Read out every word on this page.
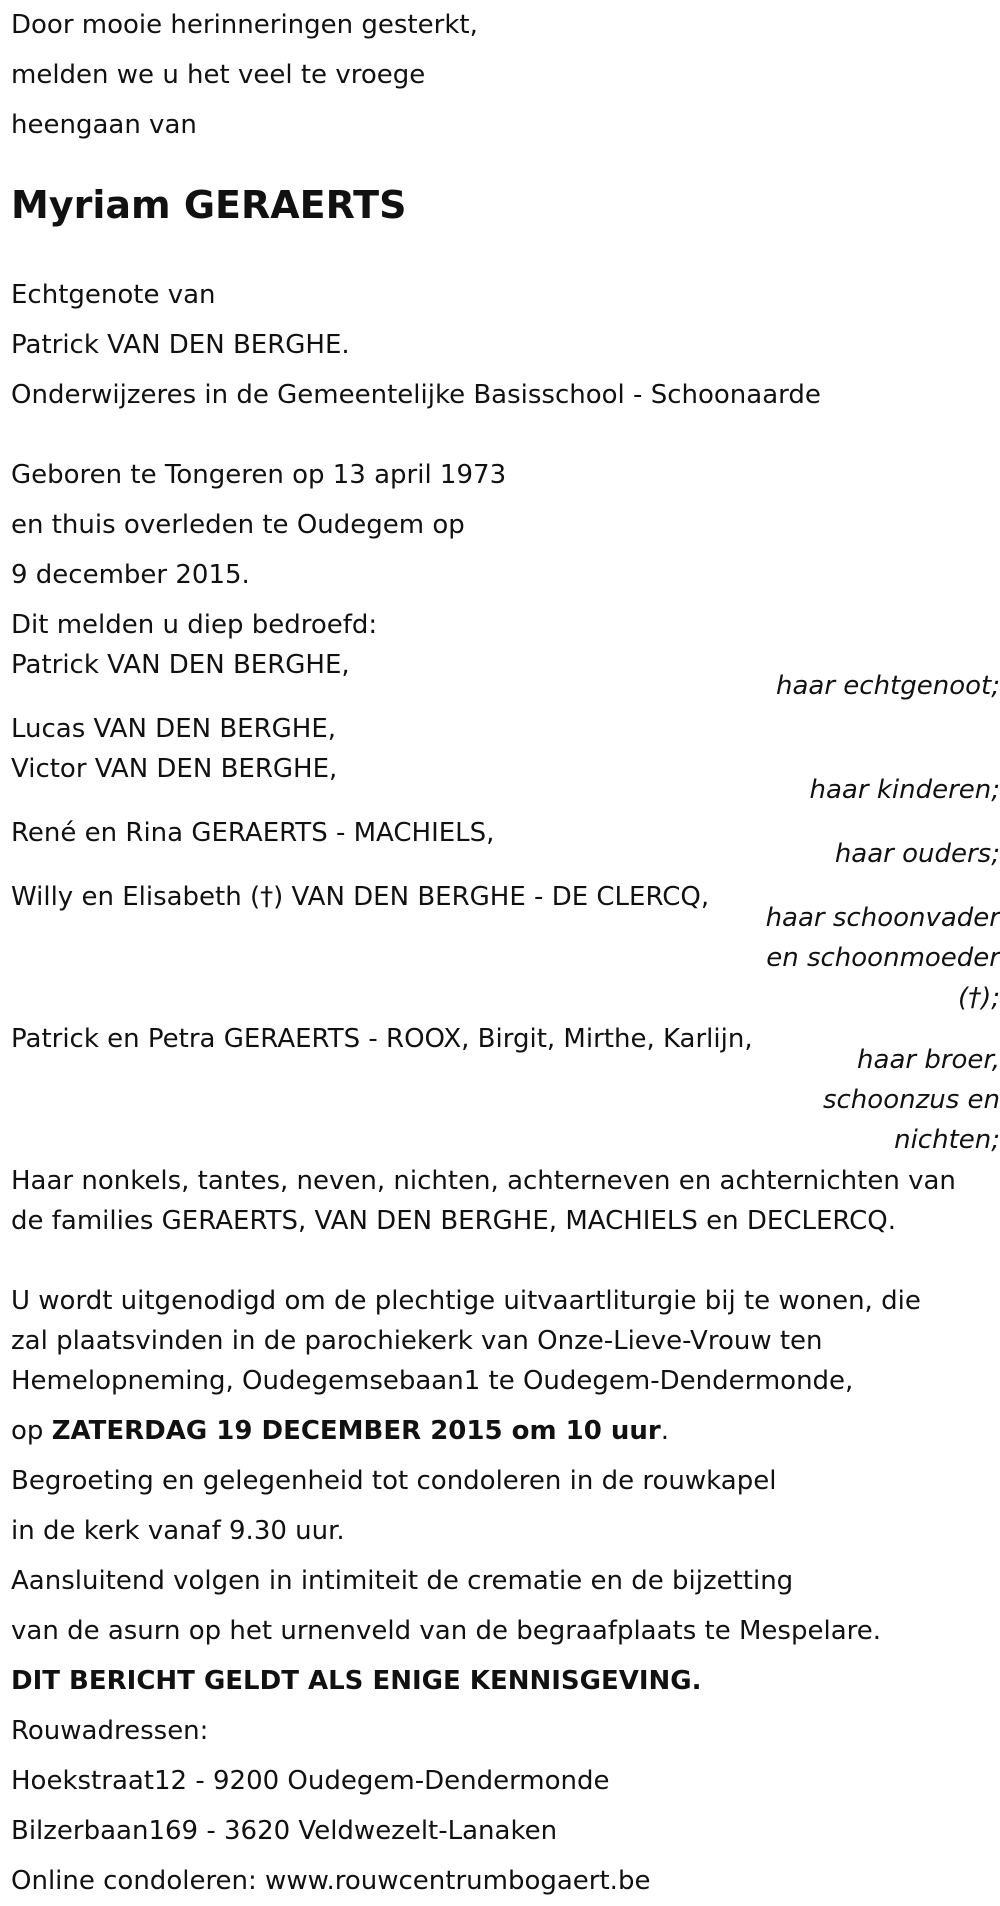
Door mooie herinneringen gesterkt,
melden we u het veel te vroege
heengaan van
Myriam GERAERTS
Echtgenote van
Patrick VAN DEN BERGHE.
Onderwijzeres in de Gemeentelijke Basisschool - Schoonaarde
Geboren te Tongeren op 13 april 1973
en thuis overleden te Oudegem op
9 december 2015.
Dit melden u diep bedroefd:
Patrick VAN DEN BERGHE,
haar echtgenoot;
Lucas VAN DEN BERGHE,
Victor VAN DEN BERGHE,
haar kinderen;
René en Rina GERAERTS - MACHIELS,
haar ouders;
Willy en Elisabeth (†) VAN DEN BERGHE - DE CLERCQ,
haar schoonvader
en schoonmoeder
(†);
Patrick en Petra GERAERTS - ROOX, Birgit, Mirthe, Karlijn,
haar broer,
schoonzus en
nichten;
Haar nonkels, tantes, neven, nichten, achterneven en achternichten van
de families GERAERTS, VAN DEN BERGHE, MACHIELS en DECLERCQ.
U wordt uitgenodigd om de plechtige uitvaartliturgie bij te wonen, die
zal plaatsvinden in de parochiekerk van Onze-Lieve-Vrouw ten
Hemelopneming, Oudegemsebaan1 te Oudegem-Dendermonde,
op ZATERDAG 19 DECEMBER 2015 om 10 uur.
Begroeting en gelegenheid tot condoleren in de rouwkapel
in de kerk vanaf 9.30 uur.
Aansluitend volgen in intimiteit de crematie en de bijzetting
van de asurn op het urnenveld van de begraafplaats te Mespelare.
DIT BERICHT GELDT ALS ENIGE KENNISGEVING.
Rouwadressen:
Hoekstraat12 - 9200 Oudegem-Dendermonde
Bilzerbaan169 - 3620 Veldwezelt-Lanaken
Online condoleren: www.rouwcentrumbogaert.be
